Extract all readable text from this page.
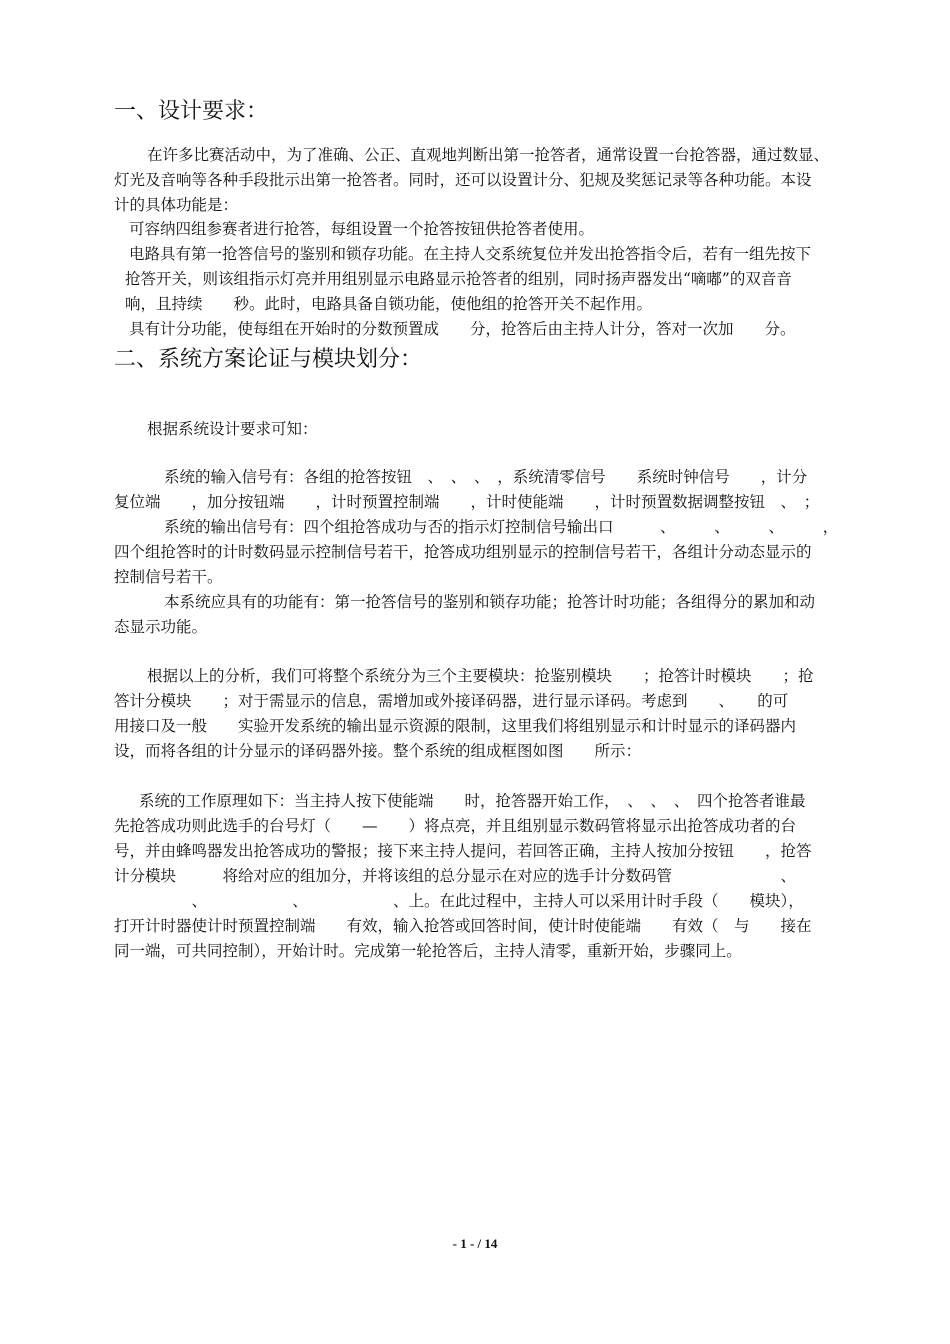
一、设计要求：
在许多比赛活动中，为了准确、公正、直观地判断出第一抢答者，通常设置一台抢答器，通过数显、
灯光及音响等各种手段批示出第一抢答者。同时，还可以设置计分、犯规及奖惩记录等各种功能。本设
计的具体功能是：
可容纳四组参赛者进行抢答，每组设置一个抢答按钮供抢答者使用。
电路具有第一抢答信号的鉴别和锁存功能。在主持人交系统复位并发出抢答指令后，若有一组先按下
抢答开关，则该组指示灯亮并用组别显示电路显示抢答者的组别，同时扬声器发出“嘀嘟”的双音音
响，且持续　　秒。此时，电路具备自锁功能，使他组的抢答开关不起作用。
具有计分功能，使每组在开始时的分数预置成　　分，抢答后由主持人计分，答对一次加　　分。
二、系统方案论证与模块划分：
根据系统设计要求可知：
系统的输入信号有：各组的抢答按钮　、　、　、　，系统清零信号　　系统时钟信号　　，计分
复位端　　，加分按钮端　　，计时预置控制端　　，计时使能端　　，计时预置数据调整按钮　、　；
系统的输出信号有：四个组抢答成功与否的指示灯控制信号输出口　　　、　　　、　　　、　　　，
四个组抢答时的计时数码显示控制信号若干，抢答成功组别显示的控制信号若干，各组计分动态显示的
控制信号若干。
本系统应具有的功能有：第一抢答信号的鉴别和锁存功能；抢答计时功能；各组得分的累加和动
态显示功能。
根据以上的分析，我们可将整个系统分为三个主要模块：抢鉴别模块　　；抢答计时模块　　；抢
答计分模块　　；对于需显示的信息，需增加或外接译码器，进行显示译码。考虑到　　、　　的可
用接口及一般　　实验开发系统的输出显示资源的限制，这里我们将组别显示和计时显示的译码器内
设，而将各组的计分显示的译码器外接。整个系统的组成框图如图　　所示：
系统的工作原理如下：当主持人按下使能端　　时，抢答器开始工作，　、　、　、　四个抢答者谁最
先抢答成功则此选手的台号灯（　　—　　）将点亮，并且组别显示数码管将显示出抢答成功者的台
号，并由蜂鸣器发出抢答成功的警报；接下来主持人提问，若回答正确，主持人按加分按钮　　，抢答
计分模块　　　将给对应的组加分，并将该组的总分显示在对应的选手计分数码管　　　　　　　、
　　　　　、　　　　　　、　　　　　　、上。在此过程中，主持人可以采用计时手段（　　模块），
打开计时器使计时预置控制端　　有效，输入抢答或回答时间，使计时使能端　　有效（　与　　接在
同一端，可共同控制），开始计时。完成第一轮抢答后，主持人清零，重新开始，步骤同上。
- 1 - / 14
